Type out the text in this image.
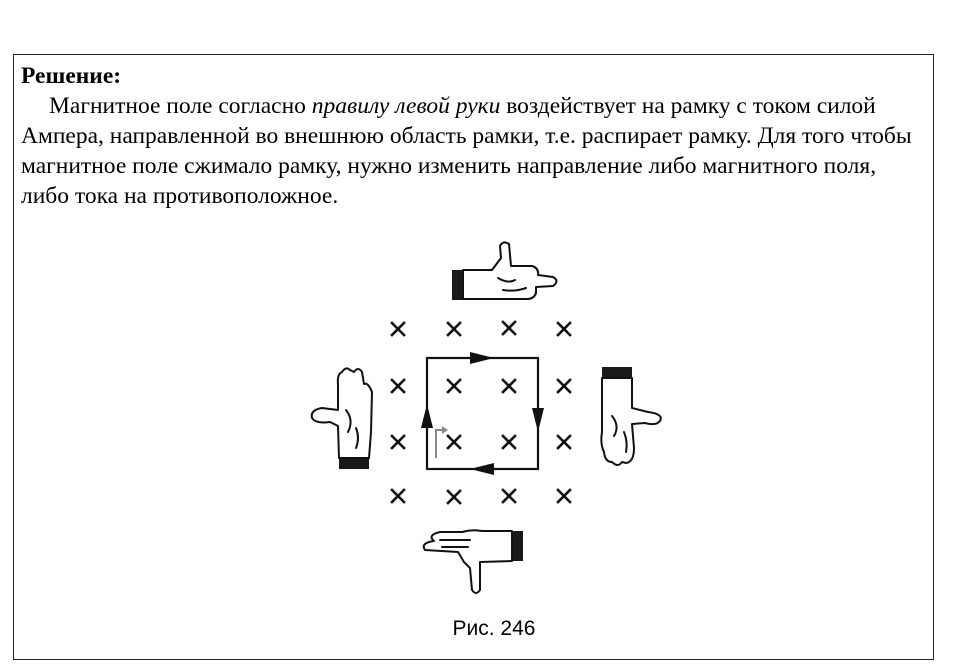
Решение:
Магнитное поле согласно правилу левой руки воздействует на рамку с током силой Ампера, направленной во внешнюю область рамки, т.е. распирает рамку. Для того чтобы магнитное поле сжимало рамку, нужно изменить направление либо магнитного поля, либо тока на противоположное.
Рис. 246
